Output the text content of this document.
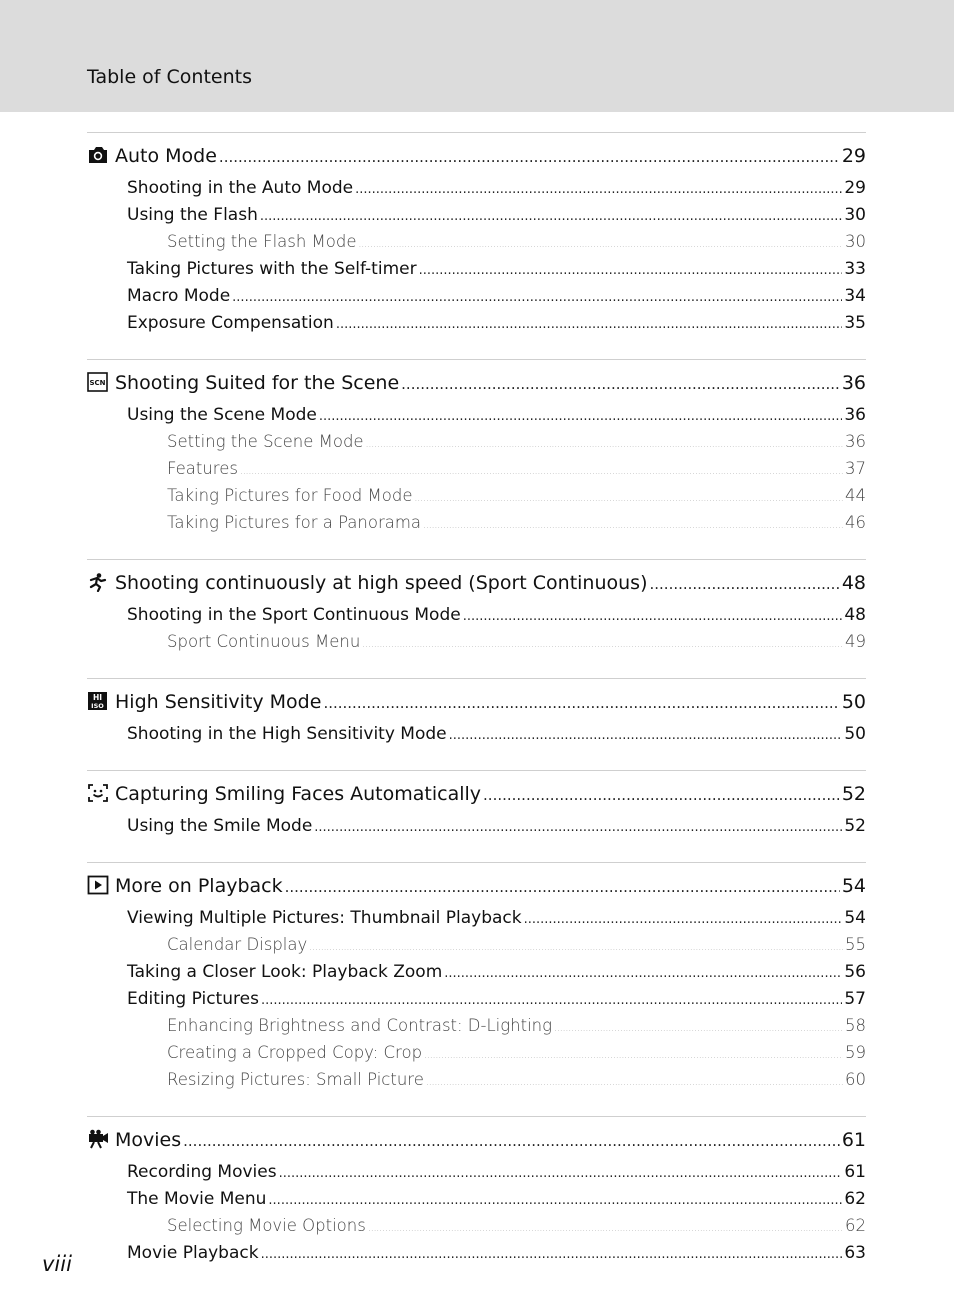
Table of Contents
Auto Mode .....	29
Shooting in the Auto Mode .....	29
Using the Flash .....	30
Setting the Flash Mode .....	30
Taking Pictures with the Self-timer .....	33
Macro Mode .....	34
Exposure Compensation .....	35
SCN Shooting Suited for the Scene .....	36
Using the Scene Mode .....	36
Setting the Scene Mode .....	36
Features .....	37
Taking Pictures for Food Mode .....	44
Taking Pictures for a Panorama .....	46
Shooting continuously at high speed (Sport Continuous) .....	48
Shooting in the Sport Continuous Mode .....	48
Sport Continuous Menu .....	49
HI
ISO High Sensitivity Mode .....	50
Shooting in the High Sensitivity Mode .....	50
Capturing Smiling Faces Automatically .....	52
Using the Smile Mode .....	52
More on Playback .....	54
Viewing Multiple Pictures: Thumbnail Playback .....	54
Calendar Display .....	55
Taking a Closer Look: Playback Zoom .....	56
Editing Pictures .....	57
Enhancing Brightness and Contrast: D-Lighting .....	58
Creating a Cropped Copy: Crop .....	59
Resizing Pictures: Small Picture .....	60
Movies .....	61
Recording Movies .....	61
The Movie Menu .....	62
Selecting Movie Options .....	62
Movie Playback .....	63
viii
